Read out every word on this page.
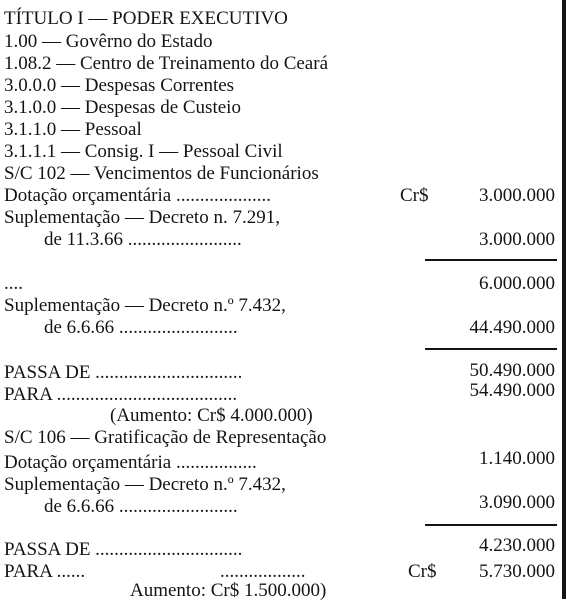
TÍTULO I — PODER EXECUTIVO
1.00 — Govêrno do Estado
1.08.2 — Centro de Treinamento do Ceará
3.0.0.0 — Despesas Correntes
3.1.0.0 — Despesas de Custeio
3.1.1.0 — Pessoal
3.1.1.1 — Consig. I — Pessoal Civil
S/C 102 — Vencimentos de Funcionários
Dotação orçamentária ....................	Cr$	3.000.000
Suplementação — Decreto n. 7.291,
de 11.3.66 ........................	3.000.000
....	6.000.000
Suplementação — Decreto n.º 7.432,
de 6.6.66 .........................	44.490.000
PASSA DE ...............................	50.490.000
PARA ......................................	54.490.000
(Aumento: Cr$ 4.000.000)
S/C 106 — Gratificação de Representação
Dotação orçamentária .................	1.140.000
Suplementação — Decreto n.º 7.432,
de 6.6.66 .........................	3.090.000
PASSA DE ...............................	4.230.000
PARA ......	..................	Cr$ 5.730.000
Aumento: Cr$ 1.500.000)
